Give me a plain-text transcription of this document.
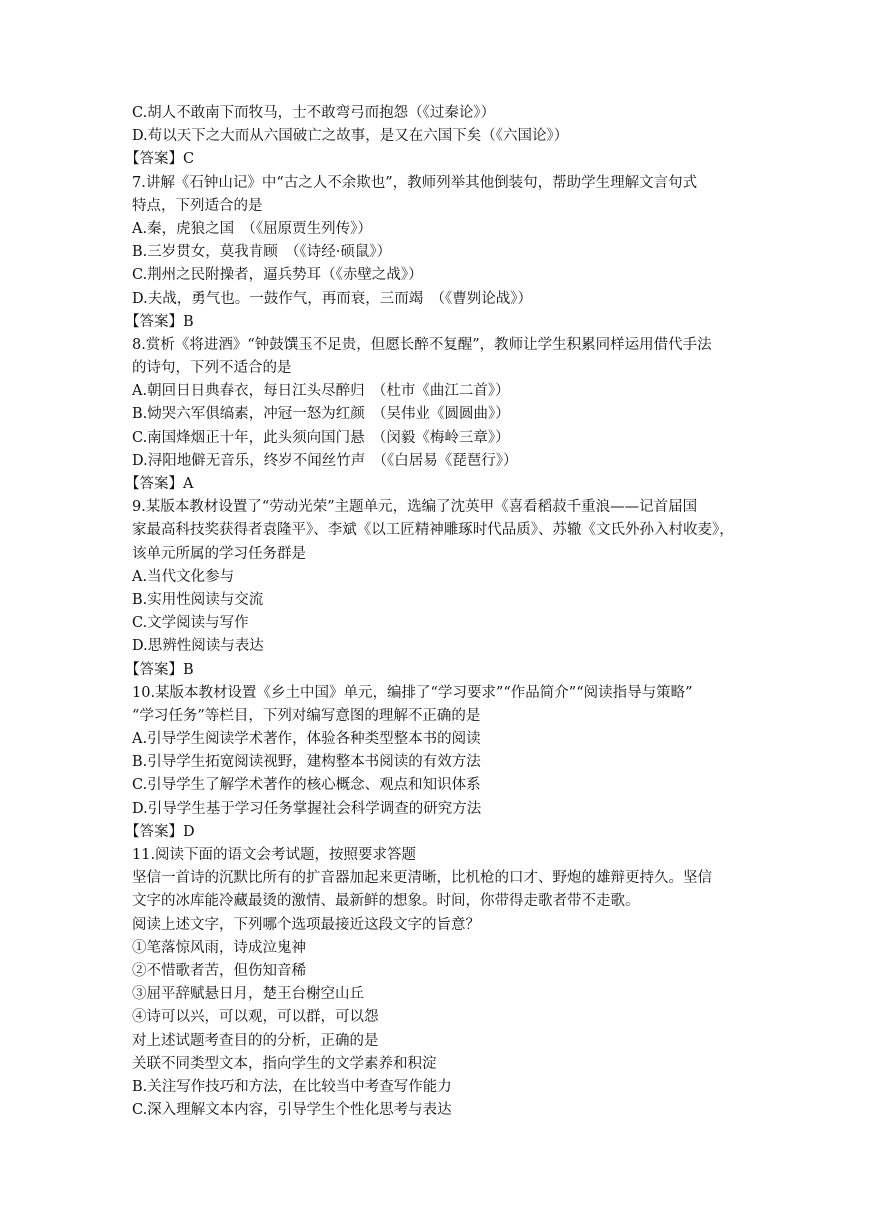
C.胡人不敢南下而牧马，士不敢弯弓而抱怨（《过秦论》）
D.苟以天下之大而从六国破亡之故事，是又在六国下矣（《六国论》）
【答案】C
7.讲解《石钟山记》中“古之人不余欺也”，教师列举其他倒装句，帮助学生理解文言句式
特点，下列适合的是
A.秦，虎狼之国　（《屈原贾生列传》）
B.三岁贯女，莫我肯顾　（《诗经·硕鼠》）
C.荆州之民附操者，逼兵势耳（《赤壁之战》）
D.夫战，勇气也。一鼓作气，再而衰，三而竭　（《曹刿论战》）
【答案】B
8.赏析《将进酒》“钟鼓馔玉不足贵，但愿长醉不复醒”，教师让学生积累同样运用借代手法
的诗句，下列不适合的是
A.朝回日日典春衣，每日江头尽醉归　（杜市《曲江二首》）
B.恸哭六军俱缟素，冲冠一怒为红颜　（吴伟业《圆圆曲》）
C.南国烽烟正十年，此头须向国门悬　（闵毅《梅岭三章》）
D.浔阳地僻无音乐，终岁不闻丝竹声　（《白居易《琵琶行》）
【答案】A
9.某版本教材设置了“劳动光荣”主题单元，选编了沈英甲《喜看稻菽千重浪——记首届国
家最高科技奖获得者袁隆平》、李斌《以工匠精神雕琢时代品质》、苏辙《文氏外孙入村收麦》，
该单元所属的学习任务群是
A.当代文化参与
B.实用性阅读与交流
C.文学阅读与写作
D.思辨性阅读与表达
【答案】B
10.某版本教材设置《乡土中国》单元，编排了“学习要求”“作品简介”“阅读指导与策略”
“学习任务”等栏目，下列对编写意图的理解不正确的是
A.引导学生阅读学术著作，体验各种类型整本书的阅读
B.引导学生拓宽阅读视野，建构整本书阅读的有效方法
C.引导学生了解学术著作的核心概念、观点和知识体系
D.引导学生基于学习任务掌握社会科学调查的研究方法
【答案】D
11.阅读下面的语文会考试题，按照要求答题
坚信一首诗的沉默比所有的扩音器加起来更清晰，比机枪的口才、野炮的雄辩更持久。坚信
文字的冰库能冷藏最烫的激情、最新鲜的想象。时间，你带得走歌者带不走歌。
阅读上述文字，下列哪个选项最接近这段文字的旨意？
①笔落惊风雨，诗成泣鬼神
②不惜歌者苦，但伤知音稀
③屈平辞赋悬日月，楚王台榭空山丘
④诗可以兴，可以观，可以群，可以怨
对上述试题考查目的的分析，正确的是
关联不同类型文本，指向学生的文学素养和积淀
B.关注写作技巧和方法，在比较当中考查写作能力
C.深入理解文本内容，引导学生个性化思考与表达
